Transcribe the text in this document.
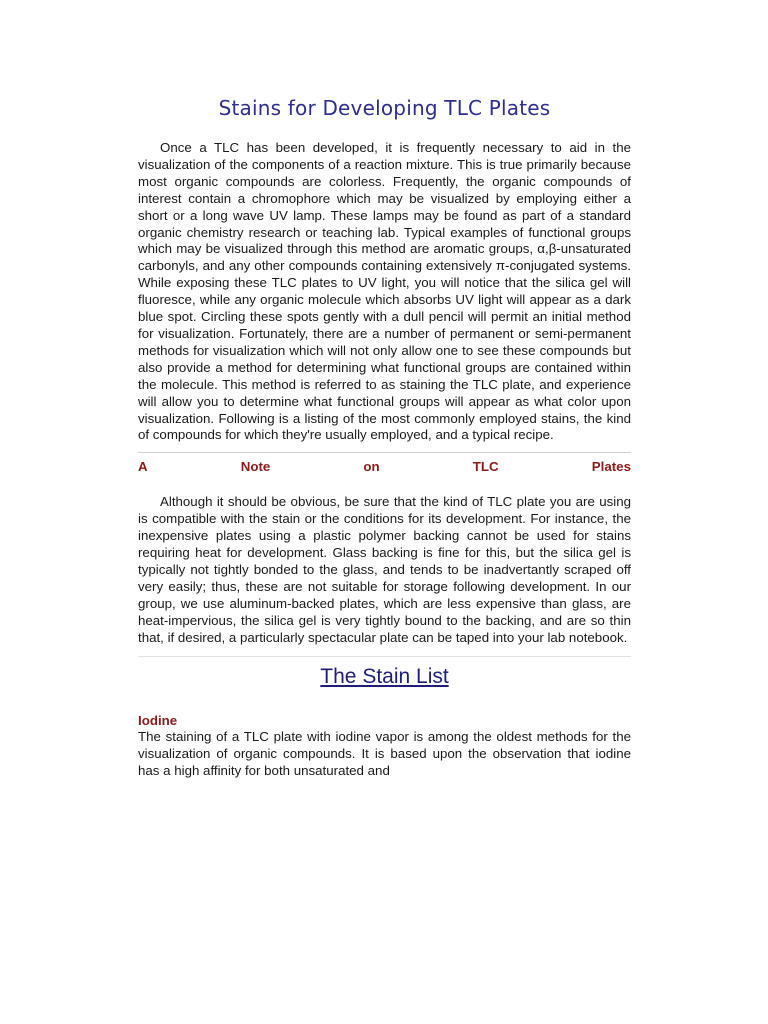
Stains for Developing TLC Plates

Once a TLC has been developed, it is frequently necessary to aid in the visualization of the components of a reaction mixture. This is true primarily because most organic compounds are colorless. Frequently, the organic compounds of interest contain a chromophore which may be visualized by employing either a short or a long wave UV lamp. These lamps may be found as part of a standard organic chemistry research or teaching lab. Typical examples of functional groups which may be visualized through this method are aromatic groups, α,β-unsaturated carbonyls, and any other compounds containing extensively π-conjugated systems. While exposing these TLC plates to UV light, you will notice that the silica gel will fluoresce, while any organic molecule which absorbs UV light will appear as a dark blue spot. Circling these spots gently with a dull pencil will permit an initial method for visualization. Fortunately, there are a number of permanent or semi-permanent methods for visualization which will not only allow one to see these compounds but also provide a method for determining what functional groups are contained within the molecule. This method is referred to as staining the TLC plate, and experience will allow you to determine what functional groups will appear as what color upon visualization. Following is a listing of the most commonly employed stains, the kind of compounds for which they're usually employed, and a typical recipe.

A	Note	on	TLC	Plates

Although it should be obvious, be sure that the kind of TLC plate you are using is compatible with the stain or the conditions for its development. For instance, the inexpensive plates using a plastic polymer backing cannot be used for stains requiring heat for development. Glass backing is fine for this, but the silica gel is typically not tightly bonded to the glass, and tends to be inadvertantly scraped off very easily; thus, these are not suitable for storage following development. In our group, we use aluminum-backed plates, which are less expensive than glass, are heat-impervious, the silica gel is very tightly bound to the backing, and are so thin that, if desired, a particularly spectacular plate can be taped into your lab notebook.

The Stain List
Iodine

The staining of a TLC plate with iodine vapor is among the oldest methods for the visualization of organic compounds. It is based upon the observation that iodine has a high affinity for both unsaturated and
